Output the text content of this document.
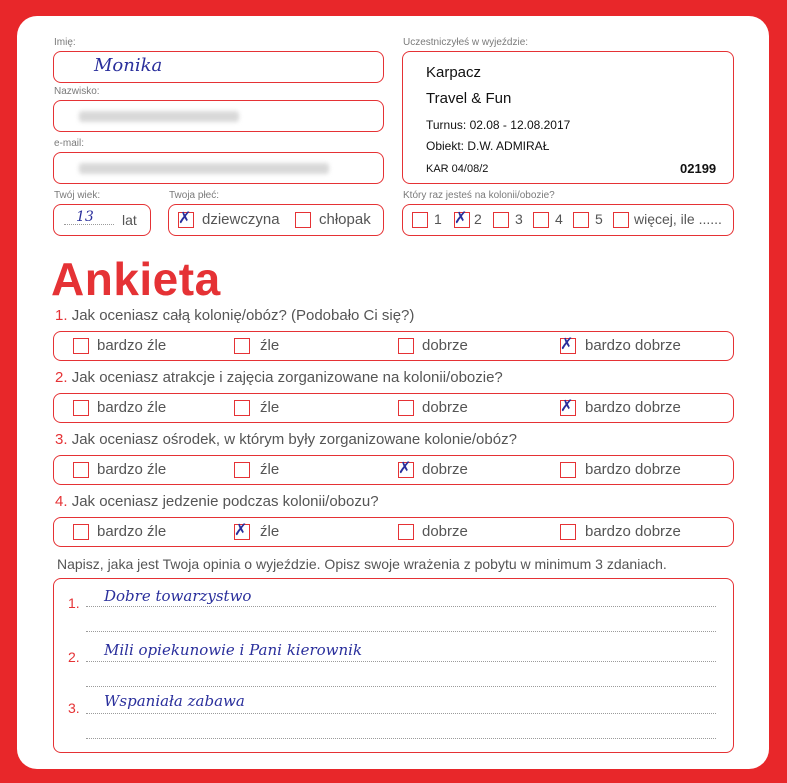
Imię:
Monika
Nazwisko:
e-mail:
Twój wiek:
13 lat
Twoja płeć:
✗ dziewczyna	chłopak
Uczestniczyłeś w wyjeździe:
Karpacz
Travel & Fun
Turnus: 02.08 - 12.08.2017
Obiekt: D.W. ADMIRAŁ
KAR 04/08/2	02199
Który raz jesteś na kolonii/obozie?
1 ✗ 2 3 4 5 więcej, ile ......
Ankieta
1. Jak oceniasz całą kolonię/obóz? (Podobało Ci się?)
bardzo źle	źle	dobrze	✗ bardzo dobrze
2. Jak oceniasz atrakcje i zajęcia zorganizowane na kolonii/obozie?
bardzo źle	źle	dobrze	✗ bardzo dobrze
3. Jak oceniasz ośrodek, w którym były zorganizowane kolonie/obóz?
bardzo źle	źle	✗ dobrze	bardzo dobrze
4. Jak oceniasz jedzenie podczas kolonii/obozu?
bardzo źle	✗ źle	dobrze	bardzo dobrze
Napisz, jaka jest Twoja opinia o wyjeździe. Opisz swoje wrażenia z pobytu w minimum 3 zdaniach.
1. Dobre towarzystwo
2. Mili opiekunowie i Pani kierownik
3. Wspaniała zabawa
